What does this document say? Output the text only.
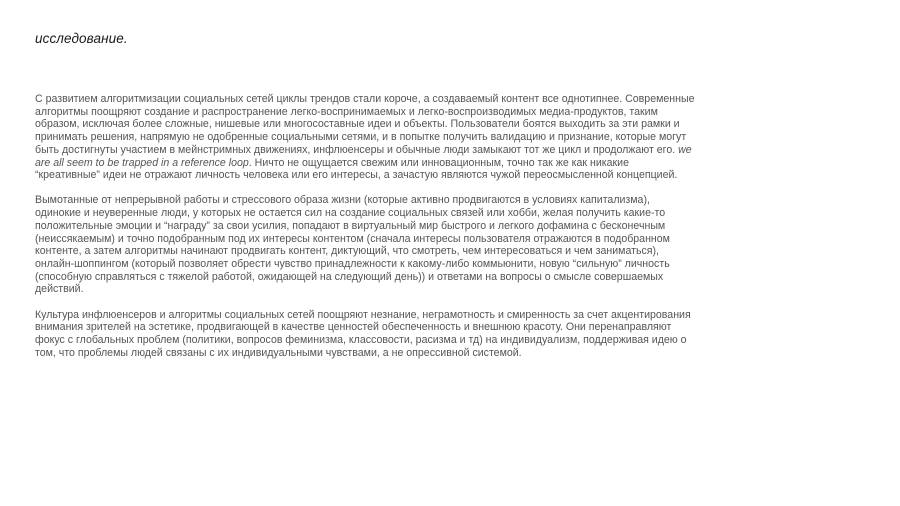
исследование.

С развитием алгоритмизации социальных сетей циклы трендов стали короче, а создаваемый контент все однотипнее. Современные алгоритмы поощряют создание и распространение легко-воспринимаемых и легко-воспроизводимых медиа-продуктов, таким образом, исключая более сложные, нишевые или многосоставные идеи и объекты. Пользователи боятся выходить за эти рамки и принимать решения, напрямую не одобренные социальными сетями, и в попытке получить валидацию и признание, которые могут быть достигнуты участием в мейнстримных движениях, инфлюенсеры и обычные люди замыкают тот же цикл и продолжают его. we are all seem to be trapped in a reference loop. Ничто не ощущается свежим или инновационным, точно так же как никакие “креативные” идеи не отражают личность человека или его интересы, а зачастую являются чужой переосмысленной концепцией.

Вымотанные от непрерывной работы и стрессового образа жизни (которые активно продвигаются в условиях капитализма), одинокие и неуверенные люди, у которых не остается сил на создание социальных связей или хобби, желая получить какие-то положительные эмоции и “награду” за свои усилия, попадают в виртуальный мир быстрого и легкого дофамина с бесконечным (неиссякаемым) и точно подобранным под их интересы контентом (сначала интересы пользователя отражаются в подобранном контенте, а затем алгоритмы начинают продвигать контент, диктующий, что смотреть, чем интересоваться и чем заниматься), онлайн-шоппингом (который позволяет обрести чувство принадлежности к какому-либо коммьюнити, новую “сильную” личность (способную справляться с тяжелой работой, ожидающей на следующий день)) и ответами на вопросы о смысле совершаемых действий.

Культура инфлюенсеров и алгоритмы социальных сетей поощряют незнание, неграмотность и смиренность за счет акцентирования внимания зрителей на эстетике, продвигающей в качестве ценностей обеспеченность и внешнюю красоту. Они перенаправляют фокус с глобальных проблем (политики, вопросов феминизма, классовости, расизма и тд) на индивидуализм, поддерживая идею о том, что проблемы людей связаны с их индивидуальными чувствами, а не опрессивной системой.
